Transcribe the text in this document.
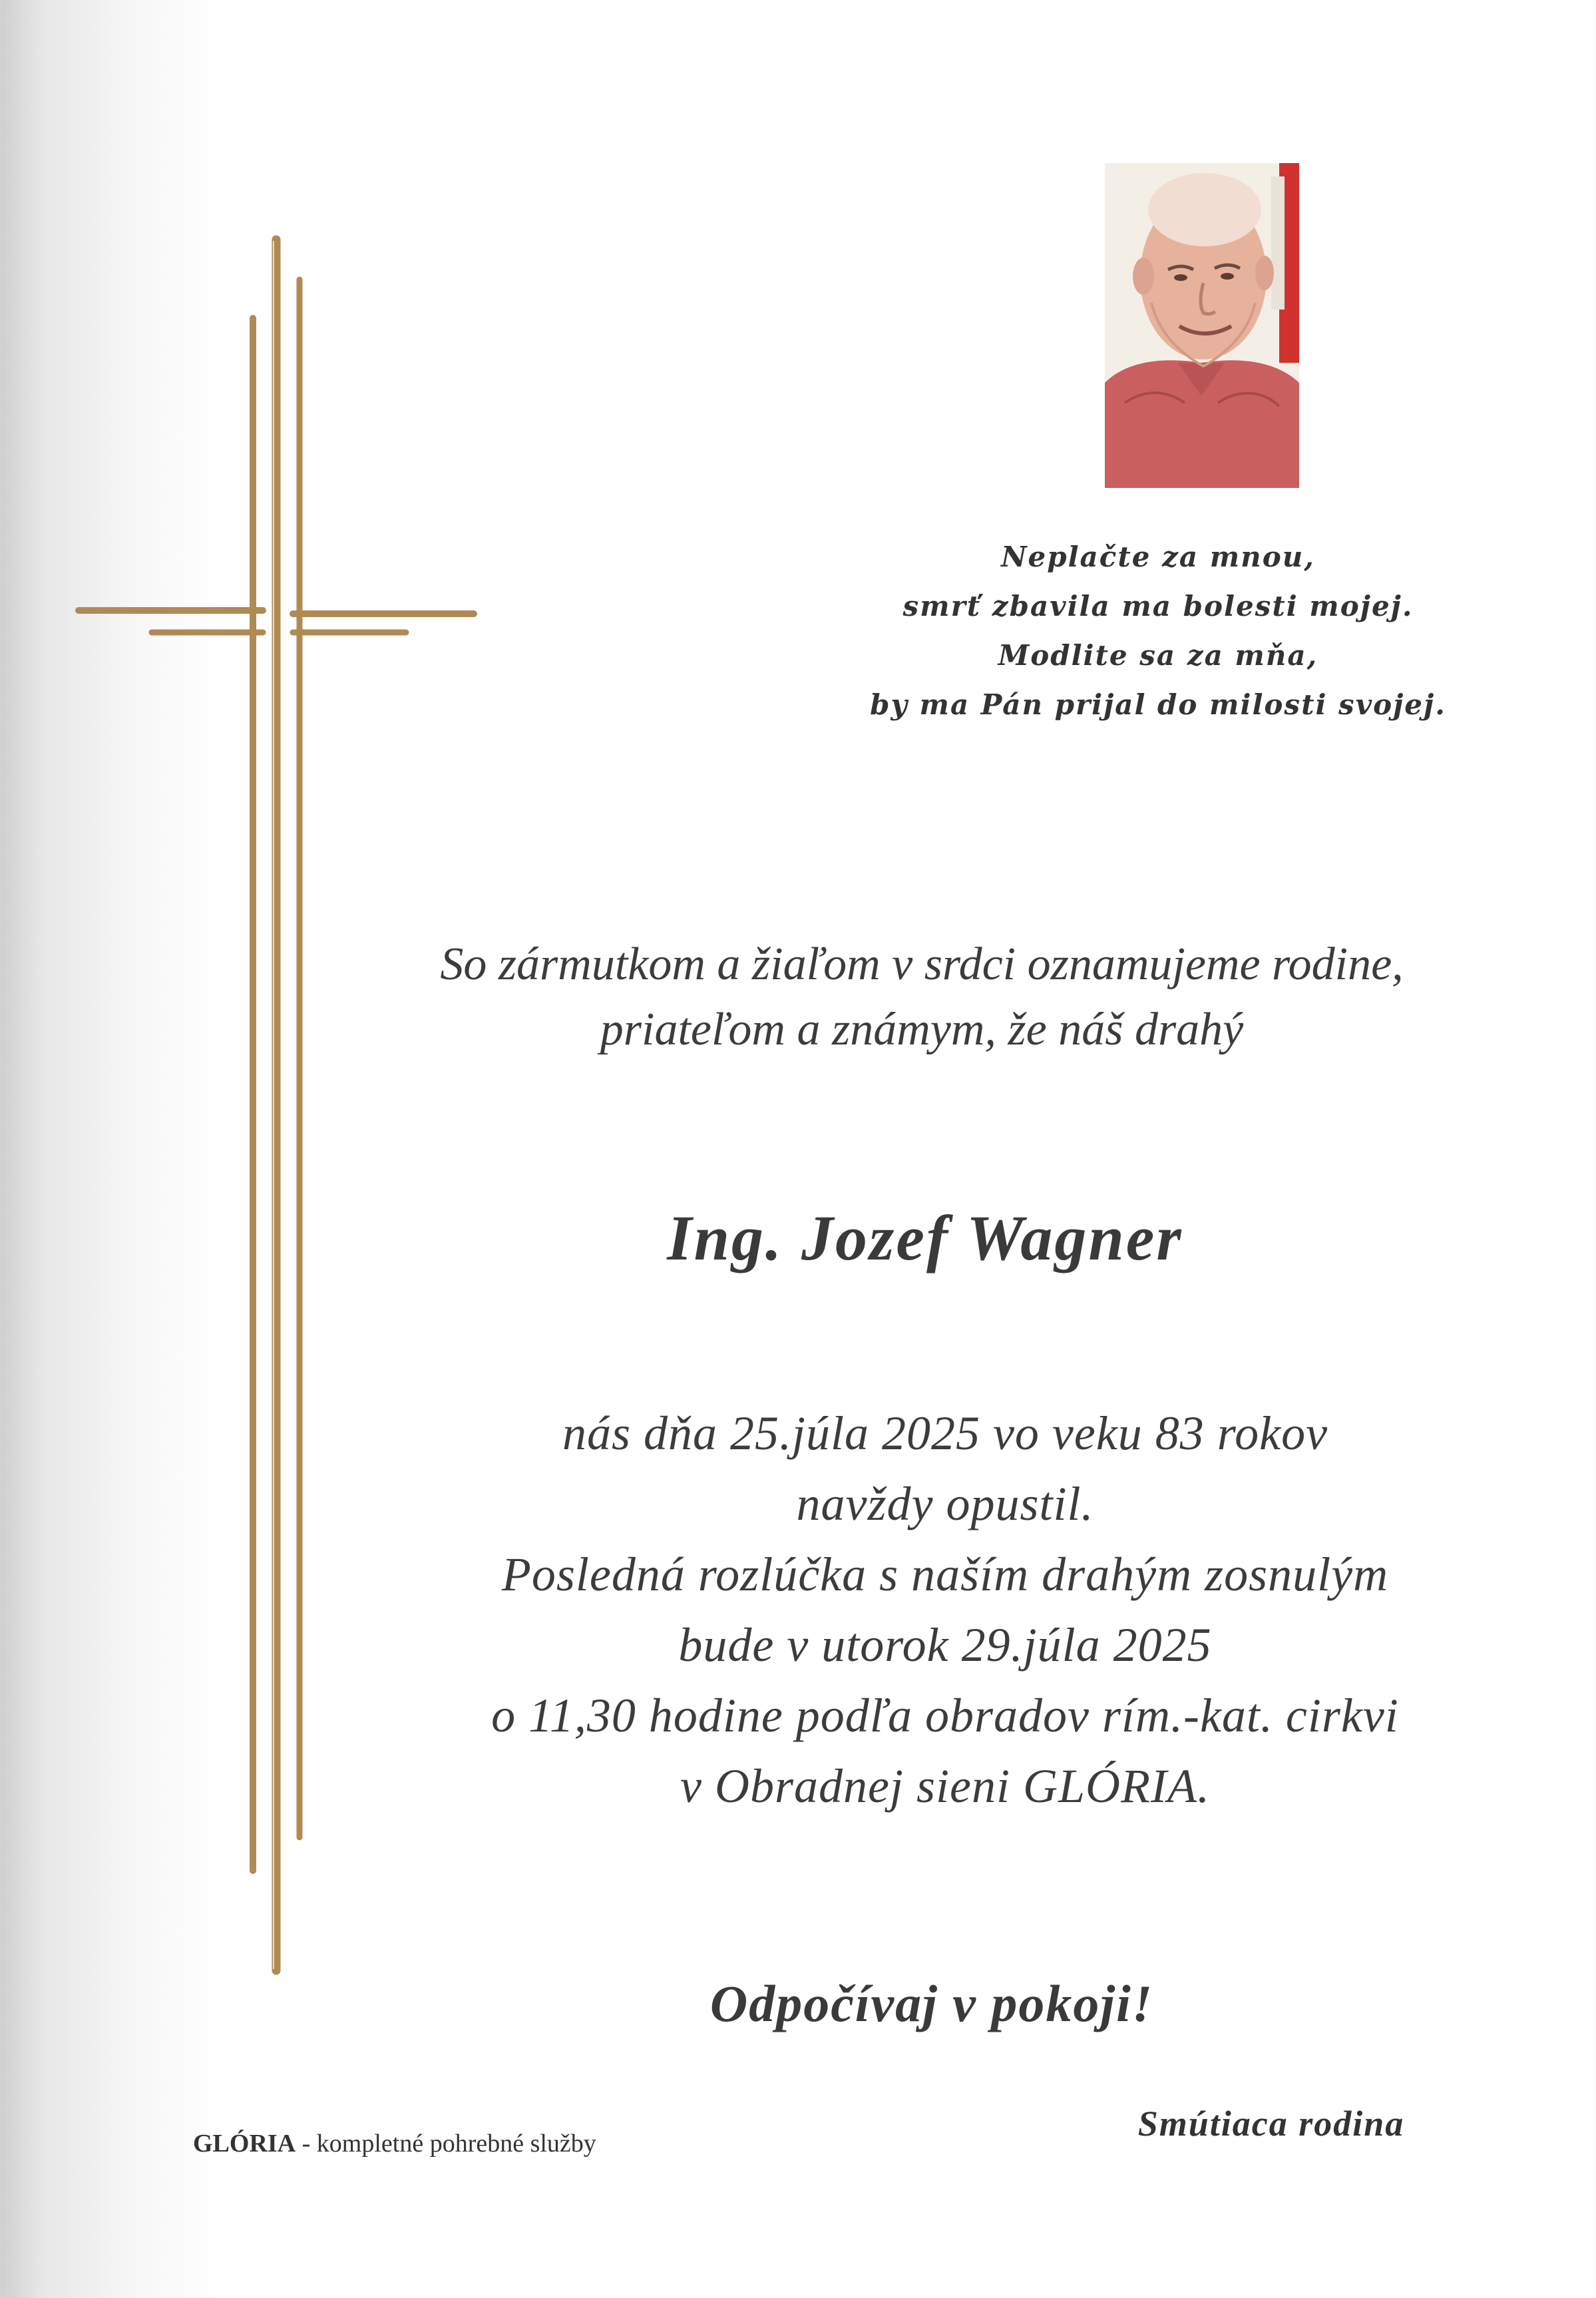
Neplačte za mnou,
smrť zbavila ma bolesti mojej.
Modlite sa za mňa,
by ma Pán prijal do milosti svojej.
So zármutkom a žiaľom v srdci oznamujeme rodine,
priateľom a známym, že náš drahý
Ing. Jozef Wagner
nás dňa 25.júla 2025 vo veku 83 rokov
navždy opustil.
Posledná rozlúčka s naším drahým zosnulým
bude v utorok 29.júla 2025
o 11,30 hodine podľa obradov rím.-kat. cirkvi
v Obradnej sieni GLÓRIA.
Odpočívaj v pokoji!
Smútiaca rodina
GLÓRIA - kompletné pohrebné služby
